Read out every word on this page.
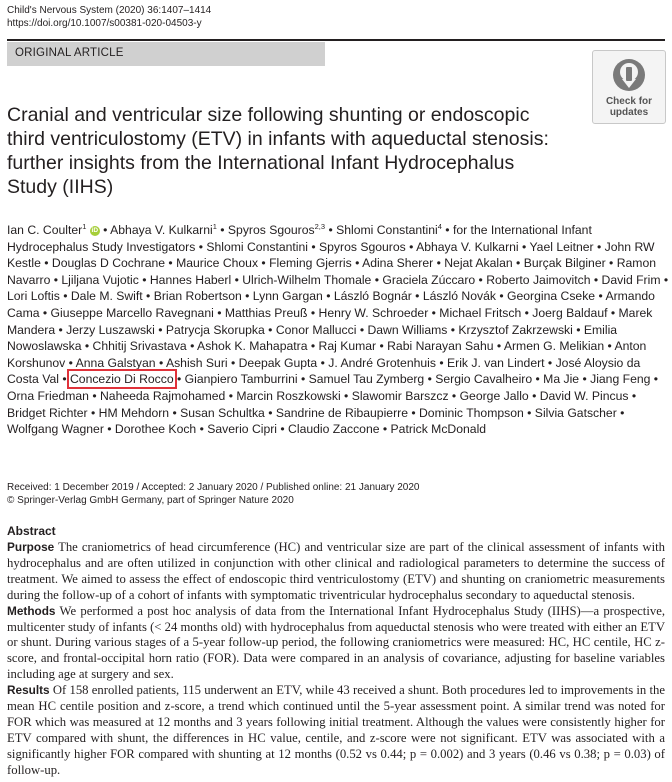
Child's Nervous System (2020) 36:1407–1414
https://doi.org/10.1007/s00381-020-04503-y
ORIGINAL ARTICLE
Check for
updates
Cranial and ventricular size following shunting or endoscopic third ventriculostomy (ETV) in infants with aqueductal stenosis: further insights from the International Infant Hydrocephalus Study (IIHS)
Ian C. Coulter$^1$ iD • Abhaya V. Kulkarni$^1$ • Spyros Sgouros$^{2,3}$ • Shlomi Constantini$^4$ • for the International Infant Hydrocephalus Study Investigators • Shlomi Constantini • Spyros Sgouros • Abhaya V. Kulkarni • Yael Leitner • John RW Kestle • Douglas D Cochrane • Maurice Choux • Fleming Gjerris • Adina Sherer • Nejat Akalan • Burçak Bilginer • Ramon Navarro • Ljiljana Vujotic • Hannes Haberl • Ulrich-Wilhelm Thomale • Graciela Zúccaro • Roberto Jaimovitch • David Frim • Lori Loftis • Dale M. Swift • Brian Robertson • Lynn Gargan • László Bognár • László Novák • Georgina Cseke • Armando Cama • Giuseppe Marcello Ravegnani • Matthias Preuß • Henry W. Schroeder • Michael Fritsch • Joerg Baldauf • Marek Mandera • Jerzy Luszawski • Patrycja Skorupka • Conor Mallucci • Dawn Williams • Krzysztof Zakrzewski • Emilia Nowoslawska • Chhitij Srivastava • Ashok K. Mahapatra • Raj Kumar • Rabi Narayan Sahu • Armen G. Melikian • Anton Korshunov • Anna Galstyan • Ashish Suri • Deepak Gupta • J. André Grotenhuis • Erik J. van Lindert • José Aloysio da Costa Val • Concezio Di Rocco • Gianpiero Tamburrini • Samuel Tau Zymberg • Sergio Cavalheiro • Ma Jie • Jiang Feng • Orna Friedman • Naheeda Rajmohamed • Marcin Roszkowski • Slawomir Barszcz • George Jallo • David W. Pincus • Bridget Richter • HM Mehdorn • Susan Schultka • Sandrine de Ribaupierre • Dominic Thompson • Silvia Gatscher • Wolfgang Wagner • Dorothee Koch • Saverio Cipri • Claudio Zaccone • Patrick McDonald
Received: 1 December 2019 / Accepted: 2 January 2020 / Published online: 21 January 2020
© Springer-Verlag GmbH Germany, part of Springer Nature 2020
Abstract

Purpose The craniometrics of head circumference (HC) and ventricular size are part of the clinical assessment of infants with hydrocephalus and are often utilized in conjunction with other clinical and radiological parameters to determine the success of treatment. We aimed to assess the effect of endoscopic third ventriculostomy (ETV) and shunting on craniometric measurements during the follow-up of a cohort of infants with symptomatic triventricular hydrocephalus secondary to aqueductal stenosis.

Methods We performed a post hoc analysis of data from the International Infant Hydrocephalus Study (IIHS)—a prospective, multicenter study of infants (< 24 months old) with hydrocephalus from aqueductal stenosis who were treated with either an ETV or shunt. During various stages of a 5-year follow-up period, the following craniometrics were measured: HC, HC centile, HC z-score, and frontal-occipital horn ratio (FOR). Data were compared in an analysis of covariance, adjusting for baseline variables including age at surgery and sex.

Results Of 158 enrolled patients, 115 underwent an ETV, while 43 received a shunt. Both procedures led to improvements in the mean HC centile position and z-score, a trend which continued until the 5-year assessment point. A similar trend was noted for FOR which was measured at 12 months and 3 years following initial treatment. Although the values were consistently higher for ETV compared with shunt, the differences in HC value, centile, and z-score were not significant. ETV was associated with a significantly higher FOR compared with shunting at 12 months (0.52 vs 0.44; p = 0.002) and 3 years (0.46 vs 0.38; p = 0.03) of follow-up.
